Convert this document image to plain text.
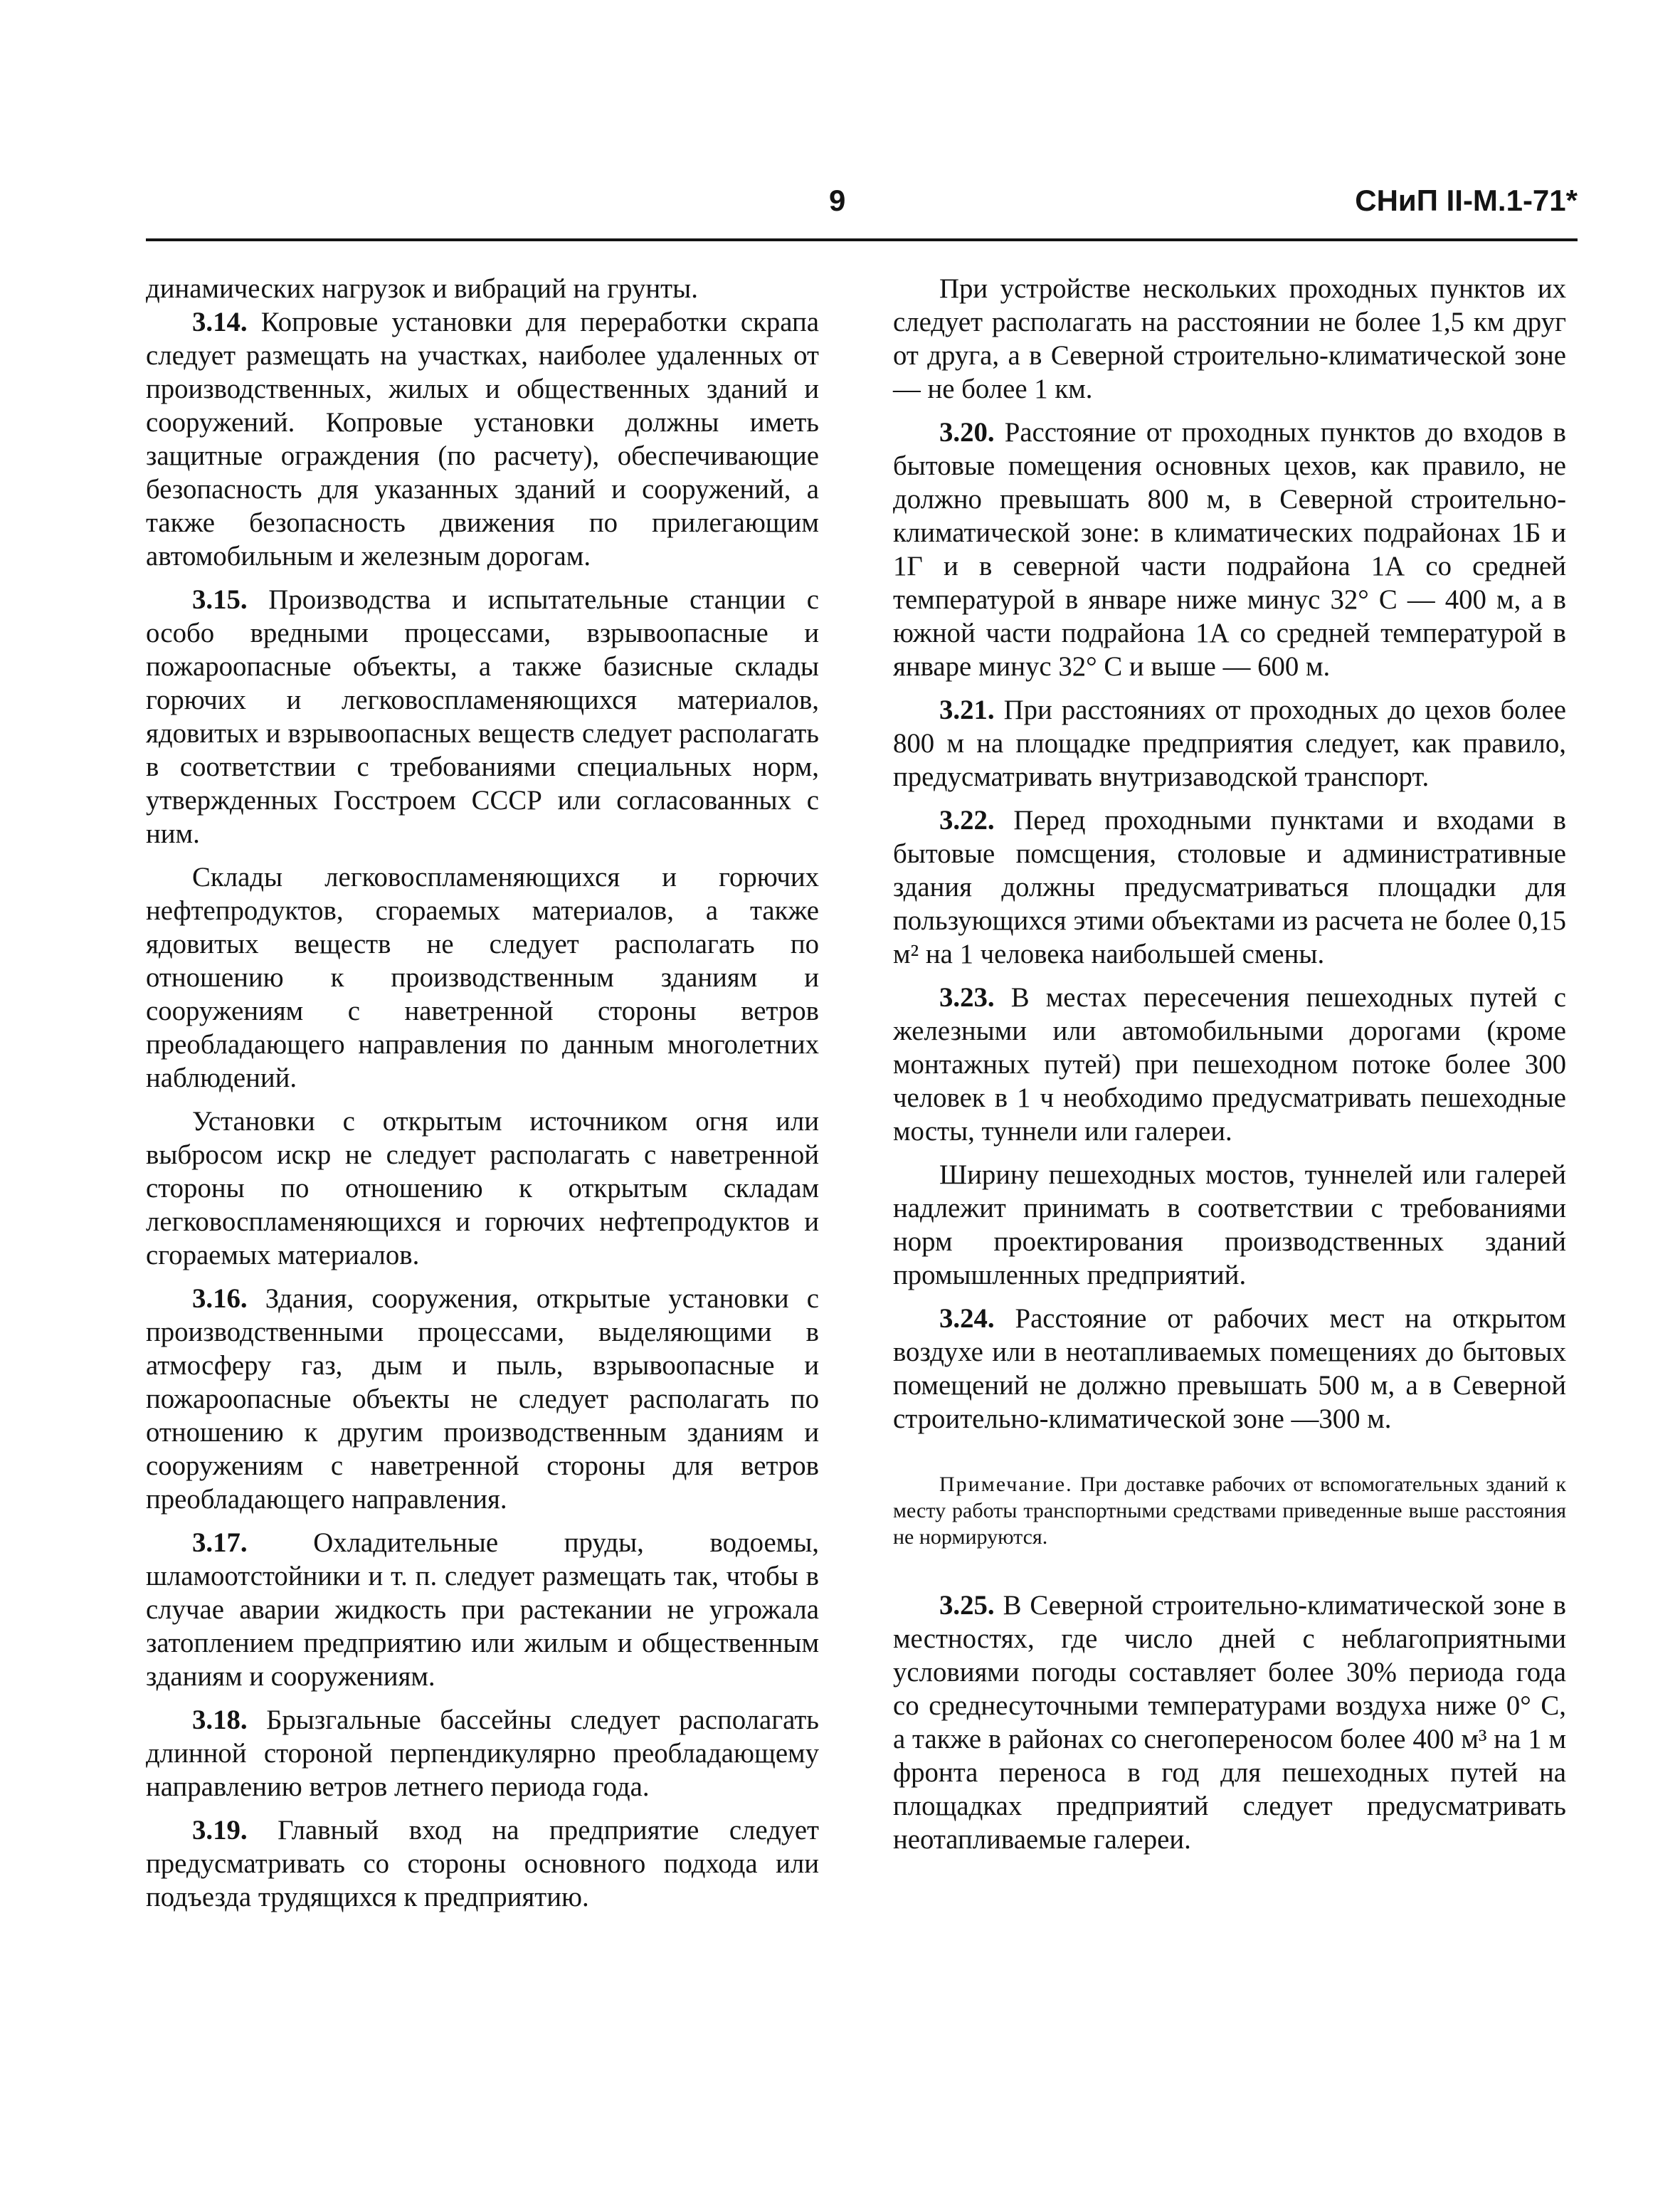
9	СНиП II-М.1-71*

динамических нагрузок и вибраций на грунты.

3.14. Копровые установки для переработки скрапа следует размещать на участках, наиболее удаленных от производственных, жилых и общественных зданий и сооружений. Копровые установки должны иметь защитные ограждения (по расчету), обеспечивающие безопасность для указанных зданий и сооружений, а также безопасность движения по прилегающим автомобильным и железным дорогам.

3.15. Производства и испытательные станции с особо вредными процессами, взрывоопасные и пожароопасные объекты, а также базисные склады горючих и легковоспламеняющихся материалов, ядовитых и взрывоопасных веществ следует располагать в соответствии с требованиями специальных норм, утвержденных Госстроем СССР или согласованных с ним.

Склады легковоспламеняющихся и горючих нефтепродуктов, сгораемых материалов, а также ядовитых веществ не следует располагать по отношению к производственным зданиям и сооружениям с наветренной стороны ветров преобладающего направления по данным многолетних наблюдений.

Установки с открытым источником огня или выбросом искр не следует располагать с наветренной стороны по отношению к открытым складам легковоспламеняющихся и горючих нефтепродуктов и сгораемых материалов.

3.16. Здания, сооружения, открытые установки с производственными процессами, выделяющими в атмосферу газ, дым и пыль, взрывоопасные и пожароопасные объекты не следует располагать по отношению к другим производственным зданиям и сооружениям с наветренной стороны для ветров преобладающего направления.

3.17. Охладительные пруды, водоемы, шламоотстойники и т. п. следует размещать так, чтобы в случае аварии жидкость при растекании не угрожала затоплением предприятию или жилым и общественным зданиям и сооружениям.

3.18. Брызгальные бассейны следует располагать длинной стороной перпендикулярно преобладающему направлению ветров летнего периода года.

3.19. Главный вход на предприятие следует предусматривать со стороны основного подхода или подъезда трудящихся к предприятию.

При устройстве нескольких проходных пунктов их следует располагать на расстоянии не более 1,5 км друг от друга, а в Северной строительно-климатической зоне — не более 1 км.

3.20. Расстояние от проходных пунктов до входов в бытовые помещения основных цехов, как правило, не должно превышать 800 м, в Северной строительно-климатической зоне: в климатических подрайонах 1Б и 1Г и в северной части подрайона 1А со средней температурой в январе ниже минус 32° С — 400 м, а в южной части подрайона 1А со средней температурой в январе минус 32° С и выше — 600 м.

3.21. При расстояниях от проходных до цехов более 800 м на площадке предприятия следует, как правило, предусматривать внутризаводской транспорт.

3.22. Перед проходными пунктами и входами в бытовые помсщения, столовые и административные здания должны предусматриваться площадки для пользующихся этими объектами из расчета не более 0,15 м² на 1 человека наибольшей смены.

3.23. В местах пересечения пешеходных путей с железными или автомобильными дорогами (кроме монтажных путей) при пешеходном потоке более 300 человек в 1 ч необходимо предусматривать пешеходные мосты, туннели или галереи.

Ширину пешеходных мостов, туннелей или галерей надлежит принимать в соответствии с требованиями норм проектирования производственных зданий промышленных предприятий.

3.24. Расстояние от рабочих мест на открытом воздухе или в неотапливаемых помещениях до бытовых помещений не должно превышать 500 м, а в Северной строительно-климатической зоне —300 м.

Примечание. При доставке рабочих от вспомогательных зданий к месту работы транспортными средствами приведенные выше расстояния не нормируются.

3.25. В Северной строительно-климатической зоне в местностях, где число дней с неблагоприятными условиями погоды составляет более 30% периода года со среднесуточными температурами воздуха ниже 0° С, а также в районах со снегопереносом более 400 м³ на 1 м фронта переноса в год для пешеходных путей на площадках предприятий следует предусматривать неотапливаемые галереи.
